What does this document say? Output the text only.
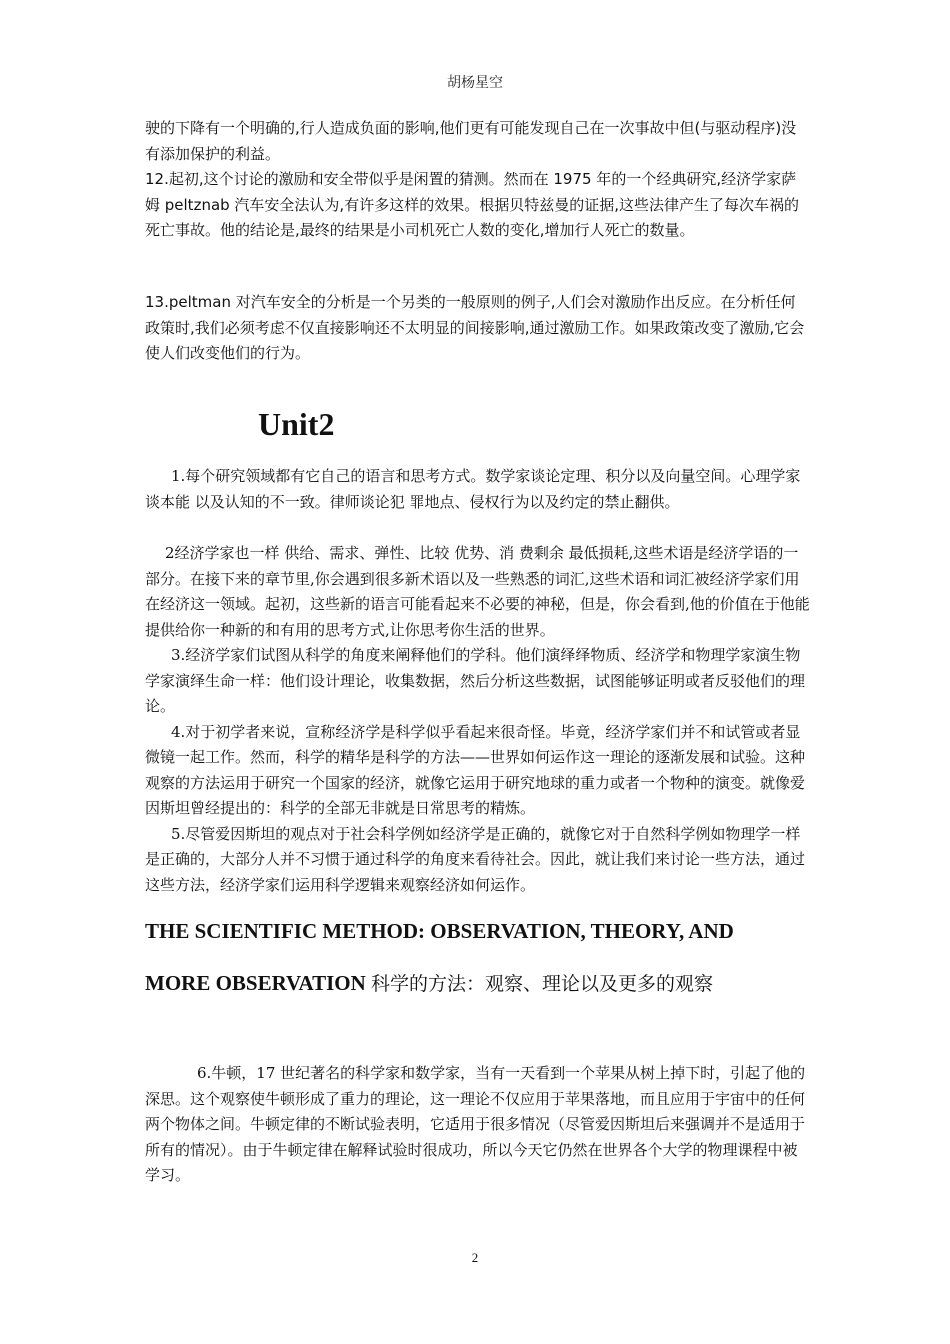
胡杨星空

驶的下降有一个明确的,行人造成负面的影响,他们更有可能发现自己在一次事故中但(与驱动程序)没有添加保护的利益。

12.起初,这个讨论的激励和安全带似乎是闲置的猜测。然而在 1975 年的一个经典研究,经济学家萨姆 peltznab 汽车安全法认为,有许多这样的效果。根据贝特兹曼的证据,这些法律产生了每次车祸的死亡事故。他的结论是,最终的结果是小司机死亡人数的变化,增加行人死亡的数量。

13.peltman 对汽车安全的分析是一个另类的一般原则的例子,人们会对激励作出反应。在分析任何政策时,我们必须考虑不仅直接影响还不太明显的间接影响,通过激励工作。如果政策改变了激励,它会使人们改变他们的行为。

Unit2

1.每个研究领域都有它自己的语言和思考方式。数学家谈论定理、积分以及向量空间。心理学家谈本能 以及认知的不一致。律师谈论犯 罪地点、侵权行为以及约定的禁止翻供。

2经济学家也一样 供给、需求、弹性、比较 优势、消 费剩余 最低损耗,这些术语是经济学语的一部分。在接下来的章节里,你会遇到很多新术语以及一些熟悉的词汇,这些术语和词汇被经济学家们用在经济这一领域。起初，这些新的语言可能看起来不必要的神秘，但是，你会看到,他的价值在于他能提供给你一种新的和有用的思考方式,让你思考你生活的世界。

3.经济学家们试图从科学的角度来阐释他们的学科。他们演绎绎物质、经济学和物理学家演生物学家演绎生命一样：他们设计理论，收集数据，然后分析这些数据，试图能够证明或者反驳他们的理论。

4.对于初学者来说，宣称经济学是科学似乎看起来很奇怪。毕竟，经济学家们并不和试管或者显微镜一起工作。然而，科学的精华是科学的方法——世界如何运作这一理论的逐渐发展和试验。这种观察的方法运用于研究一个国家的经济，就像它运用于研究地球的重力或者一个物种的演变。就像爱因斯坦曾经提出的：科学的全部无非就是日常思考的精炼。

5.尽管爱因斯坦的观点对于社会科学例如经济学是正确的，就像它对于自然科学例如物理学一样是正确的，大部分人并不习惯于通过科学的角度来看待社会。因此，就让我们来讨论一些方法，通过这些方法，经济学家们运用科学逻辑来观察经济如何运作。

THE SCIENTIFIC METHOD: OBSERVATION, THEORY, AND
MORE OBSERVATION 科学的方法：观察、理论以及更多的观察

6.牛顿，17 世纪著名的科学家和数学家，当有一天看到一个苹果从树上掉下时，引起了他的深思。这个观察使牛顿形成了重力的理论，这一理论不仅应用于苹果落地，而且应用于宇宙中的任何两个物体之间。牛顿定律的不断试验表明，它适用于很多情况（尽管爱因斯坦后来强调并不是适用于所有的情况）。由于牛顿定律在解释试验时很成功，所以今天它仍然在世界各个大学的物理课程中被学习。

2
